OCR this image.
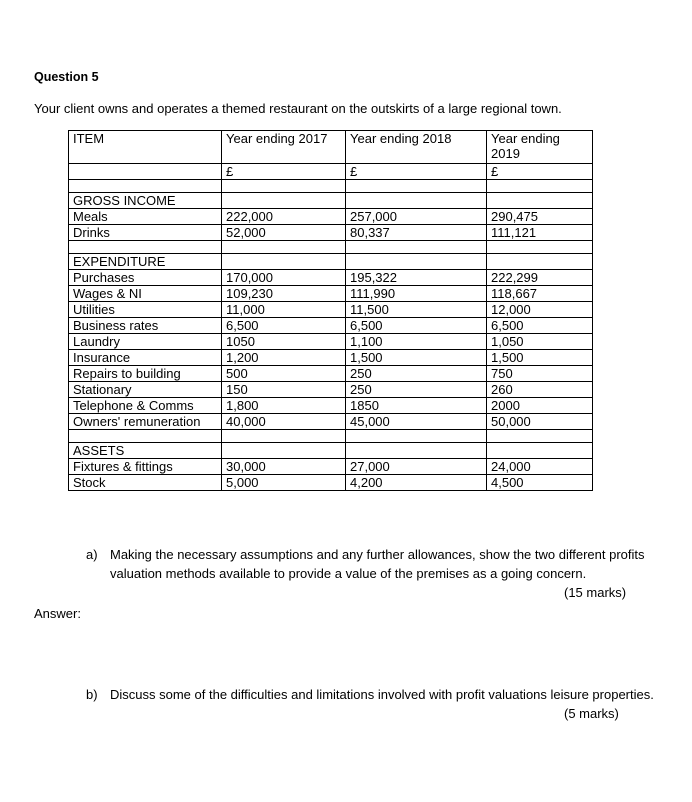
Question 5
Your client owns and operates a themed restaurant on the outskirts of a large regional town.
ITEM	Year ending 2017	Year ending 2018	Year ending 2019
	£	£	£

GROSS INCOME			
Meals	222,000	257,000	290,475
Drinks	52,000	80,337	111,121

EXPENDITURE			
Purchases	170,000	195,322	222,299
Wages & NI	109,230	111,990	118,667
Utilities	11,000	11,500	12,000
Business rates	6,500	6,500	6,500
Laundry	1050	1,100	1,050
Insurance	1,200	1,500	1,500
Repairs to building	500	250	750
Stationary	150	250	260
Telephone & Comms	1,800	1850	2000
Owners' remuneration	40,000	45,000	50,000

ASSETS			
Fixtures & fittings	30,000	27,000	24,000
Stock	5,000	4,200	4,500
a) Making the necessary assumptions and any further allowances, show the two different profits valuation methods available to provide a value of the premises as a going concern.
(15 marks)
Answer:
b) Discuss some of the difficulties and limitations involved with profit valuations leisure properties.
(5 marks)
